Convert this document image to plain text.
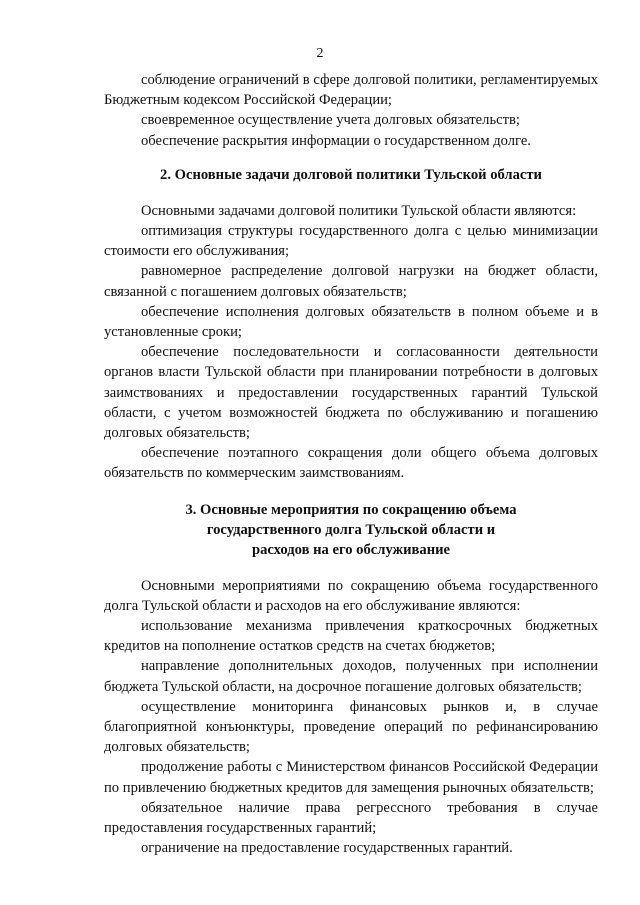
2

соблюдение ограничений в сфере долговой политики, регламентируемых Бюджетным кодексом Российской Федерации;

своевременное осуществление учета долговых обязательств;

обеспечение раскрытия информации о государственном долге.

2. Основные задачи долговой политики Тульской области

Основными задачами долговой политики Тульской области являются:

оптимизация структуры государственного долга с целью минимизации стоимости его обслуживания;

равномерное распределение долговой нагрузки на бюджет области, связанной с погашением долговых обязательств;

обеспечение исполнения долговых обязательств в полном объеме и в установленные сроки;

обеспечение последовательности и согласованности деятельности органов власти Тульской области при планировании потребности в долговых заимствованиях и предоставлении государственных гарантий Тульской области, с учетом возможностей бюджета по обслуживанию и погашению долговых обязательств;

обеспечение поэтапного сокращения доли общего объема долговых обязательств по коммерческим заимствованиям.

3. Основные мероприятия по сокращению объема
государственного долга Тульской области и
расходов на его обслуживание

Основными мероприятиями по сокращению объема государственного долга Тульской области и расходов на его обслуживание являются:

использование механизма привлечения краткосрочных бюджетных кредитов на пополнение остатков средств на счетах бюджетов;

направление дополнительных доходов, полученных при исполнении бюджета Тульской области, на досрочное погашение долговых обязательств;

осуществление мониторинга финансовых рынков и, в случае благоприятной конъюнктуры, проведение операций по рефинансированию долговых обязательств;

продолжение работы с Министерством финансов Российской Федерации по привлечению бюджетных кредитов для замещения рыночных обязательств;

обязательное наличие права регрессного требования в случае предоставления государственных гарантий;

ограничение на предоставление государственных гарантий.
